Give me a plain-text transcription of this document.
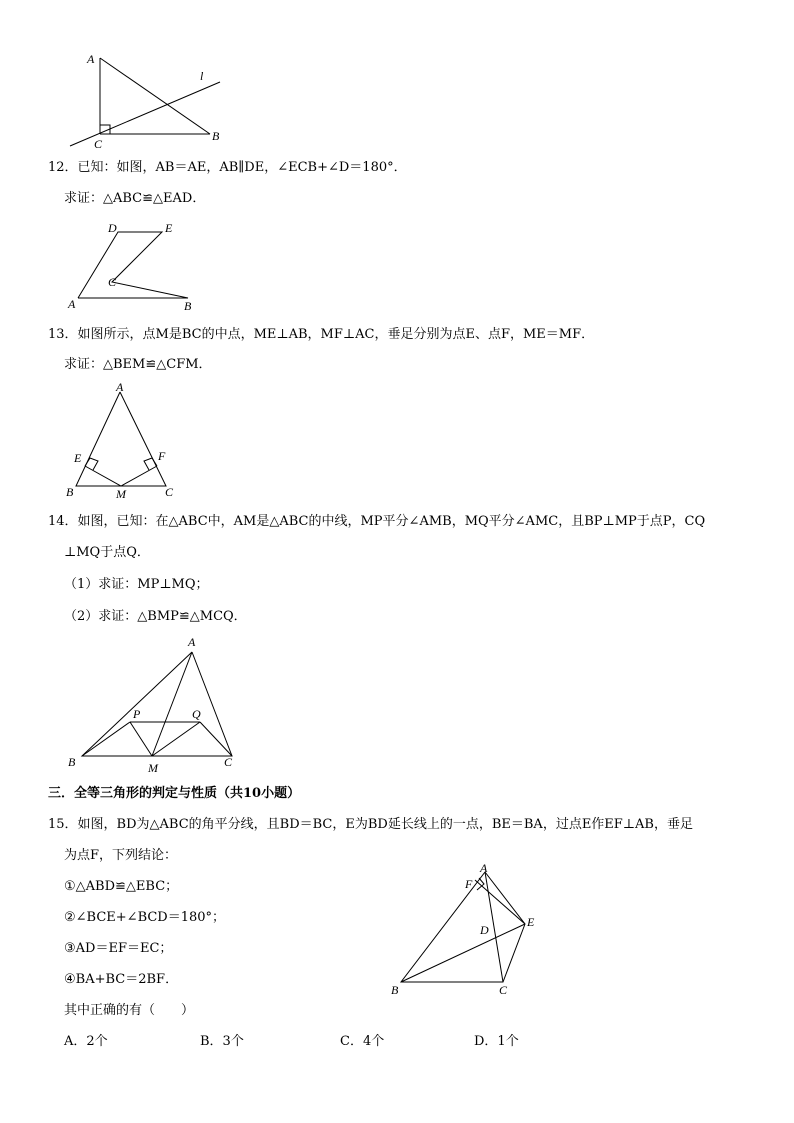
A
B
C
l
12．已知：如图，AB＝AE，AB∥DE，∠ECB+∠D＝180°．
求证：△ABC≌△EAD．
D	E
C
A	B
13．如图所示，点M是BC的中点，ME⊥AB，MF⊥AC，垂足分别为点E、点F，ME＝MF．
求证：△BEM≌△CFM．
A
E	F
B	M	C
14．如图，已知：在△ABC中，AM是△ABC的中线，MP平分∠AMB，MQ平分∠AMC，且BP⊥MP于点P，CQ
⊥MQ于点Q．
（1）求证：MP⊥MQ；
（2）求证：△BMP≌△MCQ．
A
P	Q
B	M	C
三．全等三角形的判定与性质（共10小题）
15．如图，BD为△ABC的角平分线，且BD＝BC，E为BD延长线上的一点，BE＝BA，过点E作EF⊥AB，垂足
为点F，下列结论：
①△ABD≌△EBC；
②∠BCE+∠BCD＝180°；
③AD＝EF＝EC；
④BA+BC＝2BF．
其中正确的有（　　）
A．2个	B．3个	C．4个	D．1个
A
F
E
D
B	C
